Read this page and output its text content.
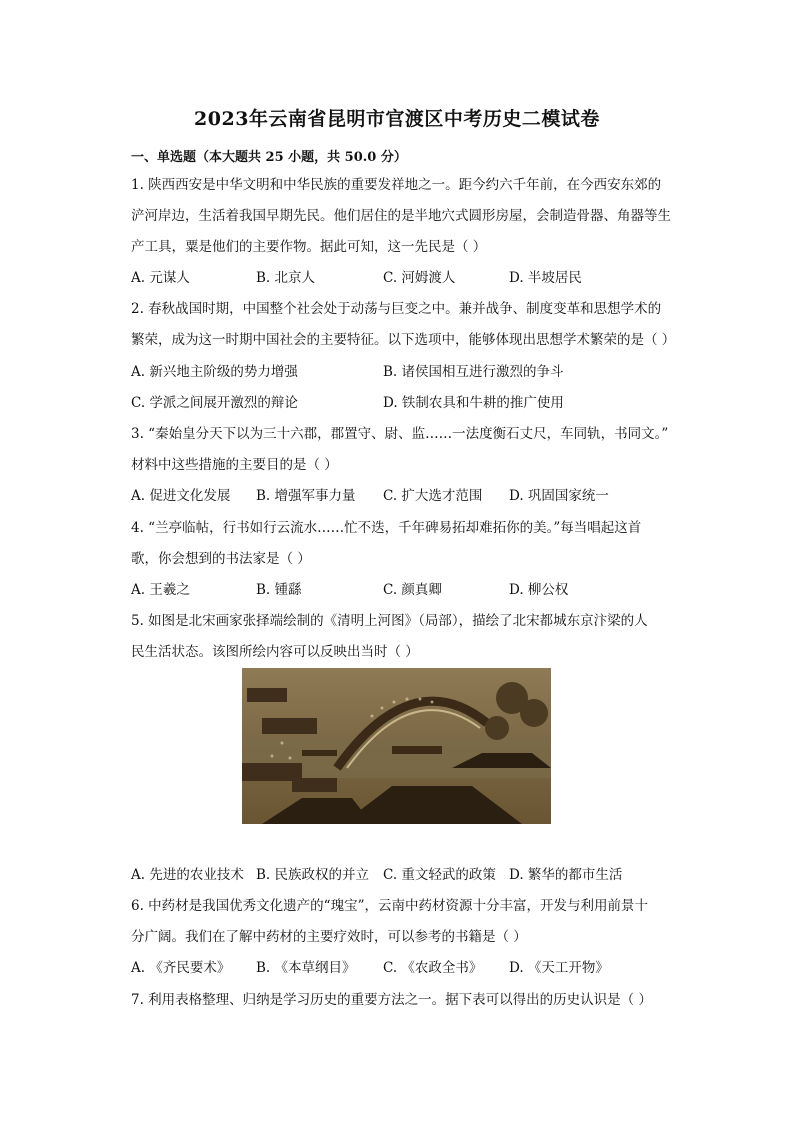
2023年云南省昆明市官渡区中考历史二模试卷
一、单选题（本大题共 25 小题，共 50.0 分）
1. 陕西西安是中华文明和中华民族的重要发祥地之一。距今约六千年前，在今西安东郊的
浐河岸边，生活着我国早期先民。他们居住的是半地穴式圆形房屋，会制造骨器、角器等生
产工具，粟是他们的主要作物。据此可知，这一先民是（ ）
A. 元谋人	B. 北京人	C. 河姆渡人	D. 半坡居民
2. 春秋战国时期，中国整个社会处于动荡与巨变之中。兼并战争、制度变革和思想学术的
繁荣，成为这一时期中国社会的主要特征。以下选项中，能够体现出思想学术繁荣的是（ ）
A. 新兴地主阶级的势力增强	B. 诸侯国相互进行激烈的争斗
C. 学派之间展开激烈的辩论	D. 铁制农具和牛耕的推广使用
3. “秦始皇分天下以为三十六郡，郡置守、尉、监……一法度衡石丈尺，车同轨，书同文。”
材料中这些措施的主要目的是（ ）
A. 促进文化发展 B. 增强军事力量 C. 扩大选才范围 D. 巩固国家统一
4. “兰亭临帖，行书如行云流水……忙不迭，千年碑易拓却难拓你的美。”每当唱起这首
歌，你会想到的书法家是（ ）
A. 王羲之	B. 锺繇	C. 颜真卿	D. 柳公权
5. 如图是北宋画家张择端绘制的《清明上河图》（局部），描绘了北宋都城东京汴梁的人
民生活状态。该图所绘内容可以反映出当时（ ）
A. 先进的农业技术 B. 民族政权的并立 C. 重文轻武的政策 D. 繁华的都市生活
6. 中药材是我国优秀文化遗产的“瑰宝”，云南中药材资源十分丰富，开发与利用前景十
分广阔。我们在了解中药材的主要疗效时，可以参考的书籍是（ ）
A. 《齐民要术》 B. 《本草纲目》 C. 《农政全书》 D. 《天工开物》
7. 利用表格整理、归纳是学习历史的重要方法之一。据下表可以得出的历史认识是（ ）
